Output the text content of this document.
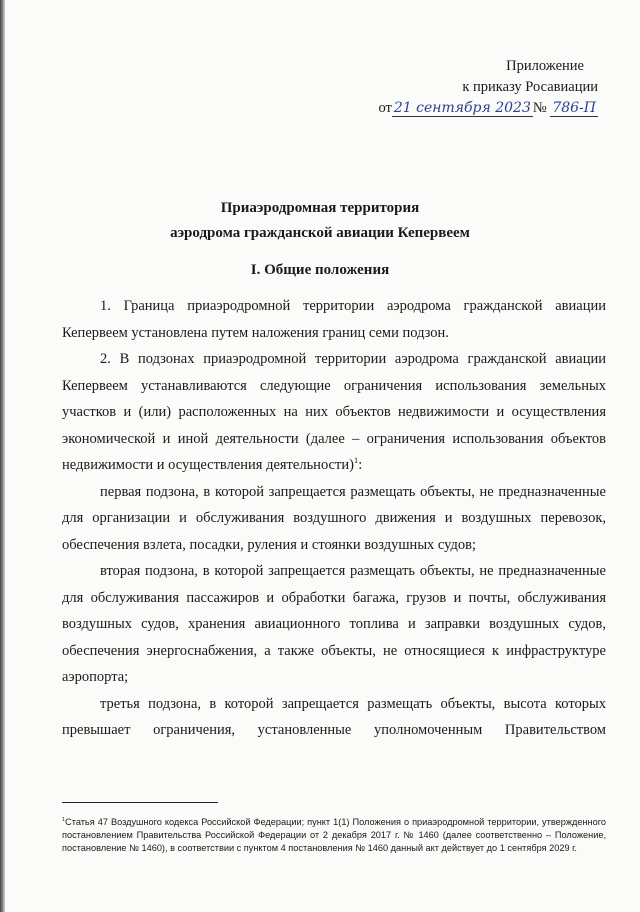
Приложение
к приказу Росавиации
от 21 сентября 2023 № 786-П
Приаэродромная территория
аэродрома гражданской авиации Кепервеем
I. Общие положения

1. Граница приаэродромной территории аэродрома гражданской авиации Кепервеем установлена путем наложения границ семи подзон.

2. В подзонах приаэродромной территории аэродрома гражданской авиации Кепервеем устанавливаются следующие ограничения использования земельных участков и (или) расположенных на них объектов недвижимости и осуществления экономической и иной деятельности (далее – ограничения использования объектов недвижимости и осуществления деятельности)$^1$:

первая подзона, в которой запрещается размещать объекты, не предназначенные для организации и обслуживания воздушного движения и воздушных перевозок, обеспечения взлета, посадки, руления и стоянки воздушных судов;

вторая подзона, в которой запрещается размещать объекты, не предназначенные для обслуживания пассажиров и обработки багажа, грузов и почты, обслуживания воздушных судов, хранения авиационного топлива и заправки воздушных судов, обеспечения энергоснабжения, а также объекты, не относящиеся к инфраструктуре аэропорта;

третья подзона, в которой запрещается размещать объекты, высота которых превышает ограничения, установленные уполномоченным Правительством

$^1$Статья 47 Воздушного кодекса Российской Федерации; пункт 1(1) Положения о приаэродромной территории, утвержденного постановлением Правительства Российской Федерации от 2 декабря 2017 г. № 1460 (далее соответственно – Положение, постановление № 1460), в соответствии с пунктом 4 постановления № 1460 данный акт действует до 1 сентября 2029 г.
